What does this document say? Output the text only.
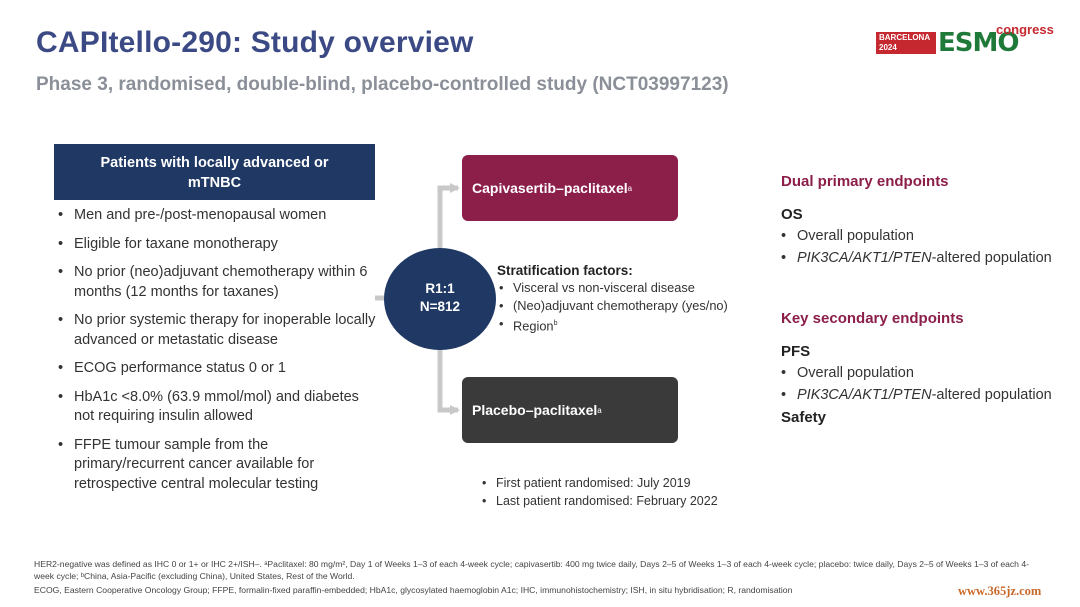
CAPItello-290: Study overview
Phase 3, randomised, double-blind, placebo-controlled study (NCT03997123)
BARCELONA 2024	ESMO
congress
Patients with locally advanced or
mTNBC
• Men and pre-/post-menopausal women
• Eligible for taxane monotherapy
• No prior (neo)adjuvant chemotherapy within 6 months (12 months for taxanes)
• No prior systemic therapy for inoperable locally advanced or metastatic disease
• ECOG performance status 0 or 1
• HbA1c <8.0% (63.9 mmol/mol) and diabetes not requiring insulin allowed
• FFPE tumour sample from the primary/recurrent cancer available for retrospective central molecular testing
R1:1
N=812
Capivasertib–paclitaxel a
Placebo–paclitaxel a
Stratification factors:
• Visceral vs non-visceral disease
• (Neo)adjuvant chemotherapy (yes/no)
• Region$^b$
• First patient randomised: July 2019
• Last patient randomised: February 2022
Dual primary endpoints
OS
• Overall population
• PIK3CA/AKT1/PTEN-altered population
Key secondary endpoints
PFS
• Overall population
• PIK3CA/AKT1/PTEN-altered population
Safety

HER2-negative was defined as IHC 0 or 1+ or IHC 2+/ISH–. ᵃPaclitaxel: 80 mg/m², Day 1 of Weeks 1–3 of each 4-week cycle; capivasertib: 400 mg twice daily, Days 2–5 of Weeks 1–3 of each 4-week cycle; placebo: twice daily, Days 2–5 of Weeks 1–3 of each 4-week cycle; ᵇChina, Asia-Pacific (excluding China), United States, Rest of the World.

ECOG, Eastern Cooperative Oncology Group; FFPE, formalin-fixed paraffin-embedded; HbA1c, glycosylated haemoglobin A1c; IHC, immunohistochemistry; ISH, in situ hybridisation; R, randomisation	www.365jz.com
